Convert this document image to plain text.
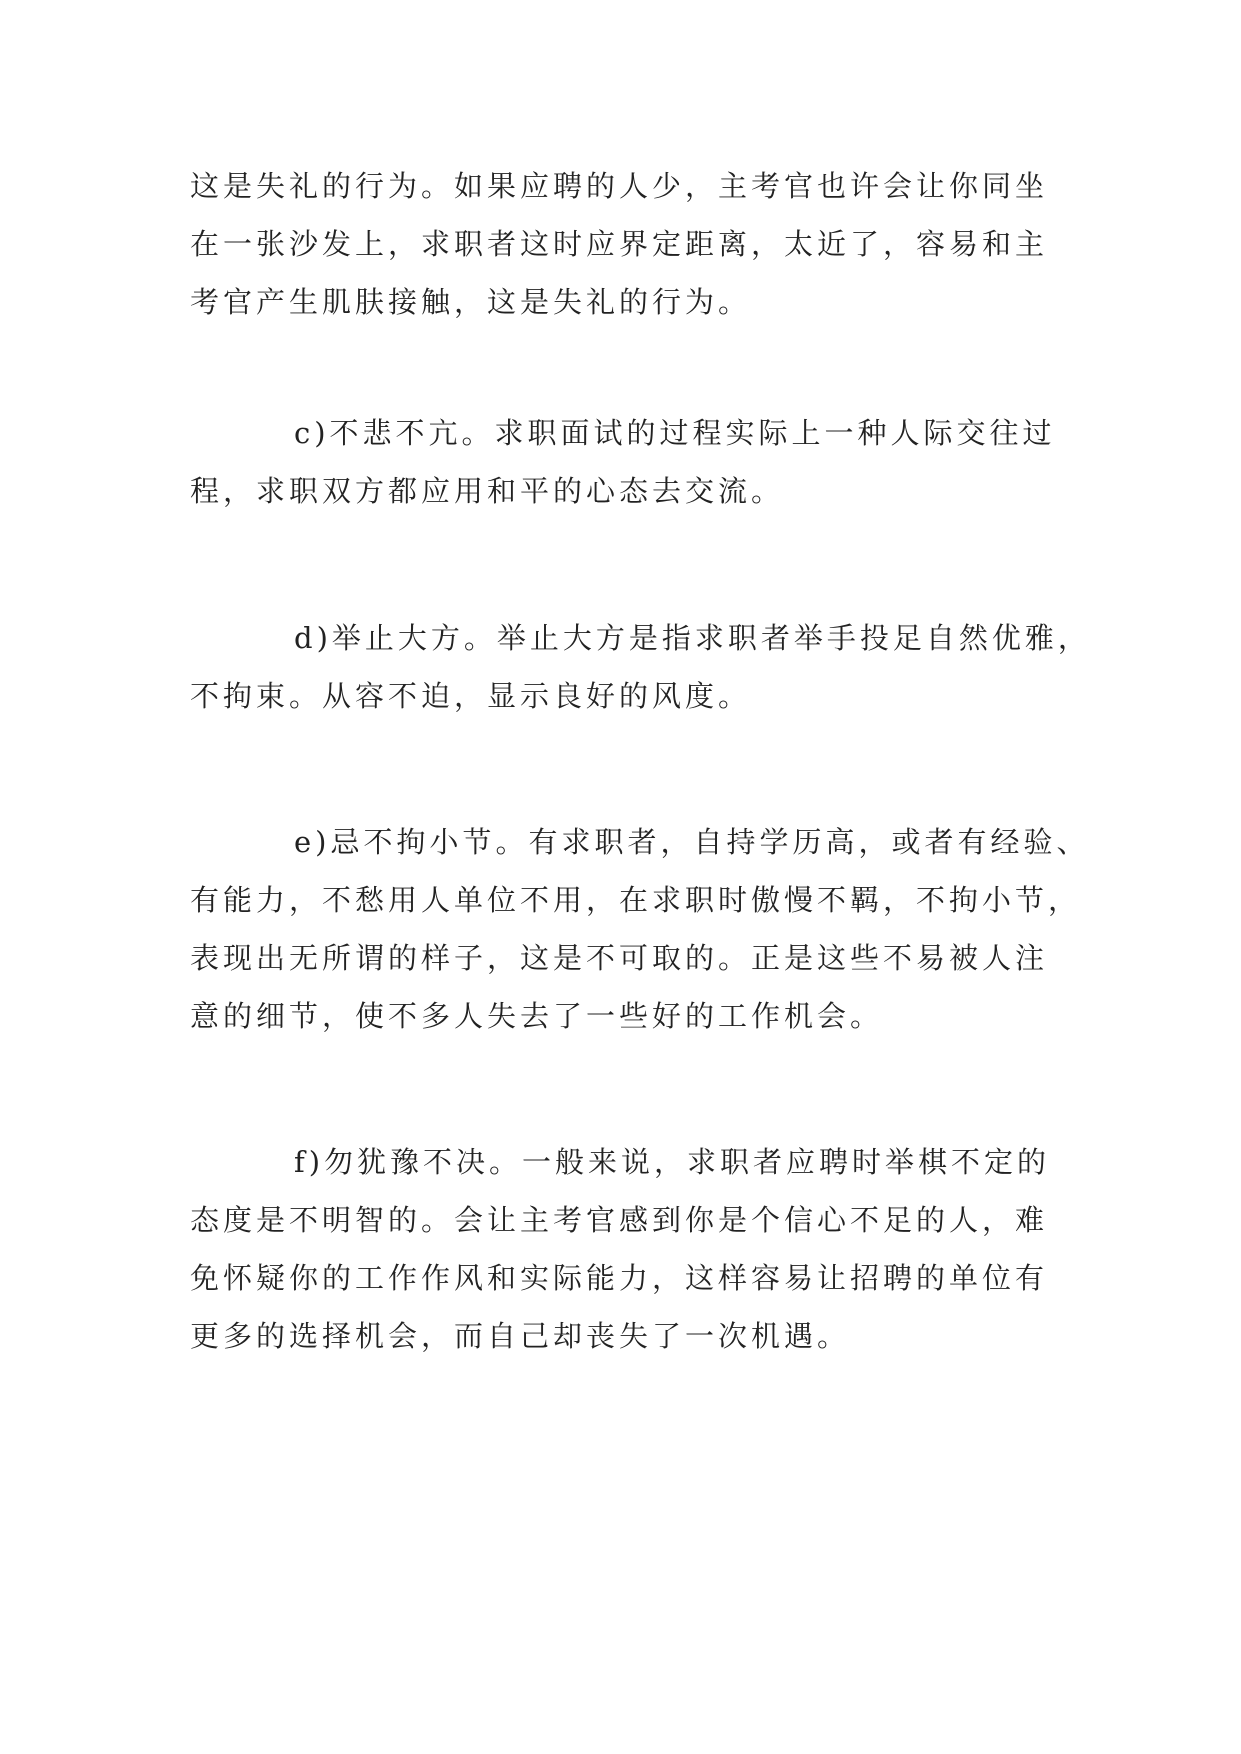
这是失礼的行为。如果应聘的人少，主考官也许会让你同坐
在一张沙发上，求职者这时应界定距离，太近了，容易和主
考官产生肌肤接触，这是失礼的行为。

c)不悲不亢。求职面试的过程实际上一种人际交往过
程，求职双方都应用和平的心态去交流。

d)举止大方。举止大方是指求职者举手投足自然优雅，
不拘束。从容不迫，显示良好的风度。

e)忌不拘小节。有求职者，自持学历高，或者有经验、
有能力，不愁用人单位不用，在求职时傲慢不羁，不拘小节，
表现出无所谓的样子，这是不可取的。正是这些不易被人注
意的细节，使不多人失去了一些好的工作机会。

f)勿犹豫不决。一般来说，求职者应聘时举棋不定的
态度是不明智的。会让主考官感到你是个信心不足的人，难
免怀疑你的工作作风和实际能力，这样容易让招聘的单位有
更多的选择机会，而自己却丧失了一次机遇。
